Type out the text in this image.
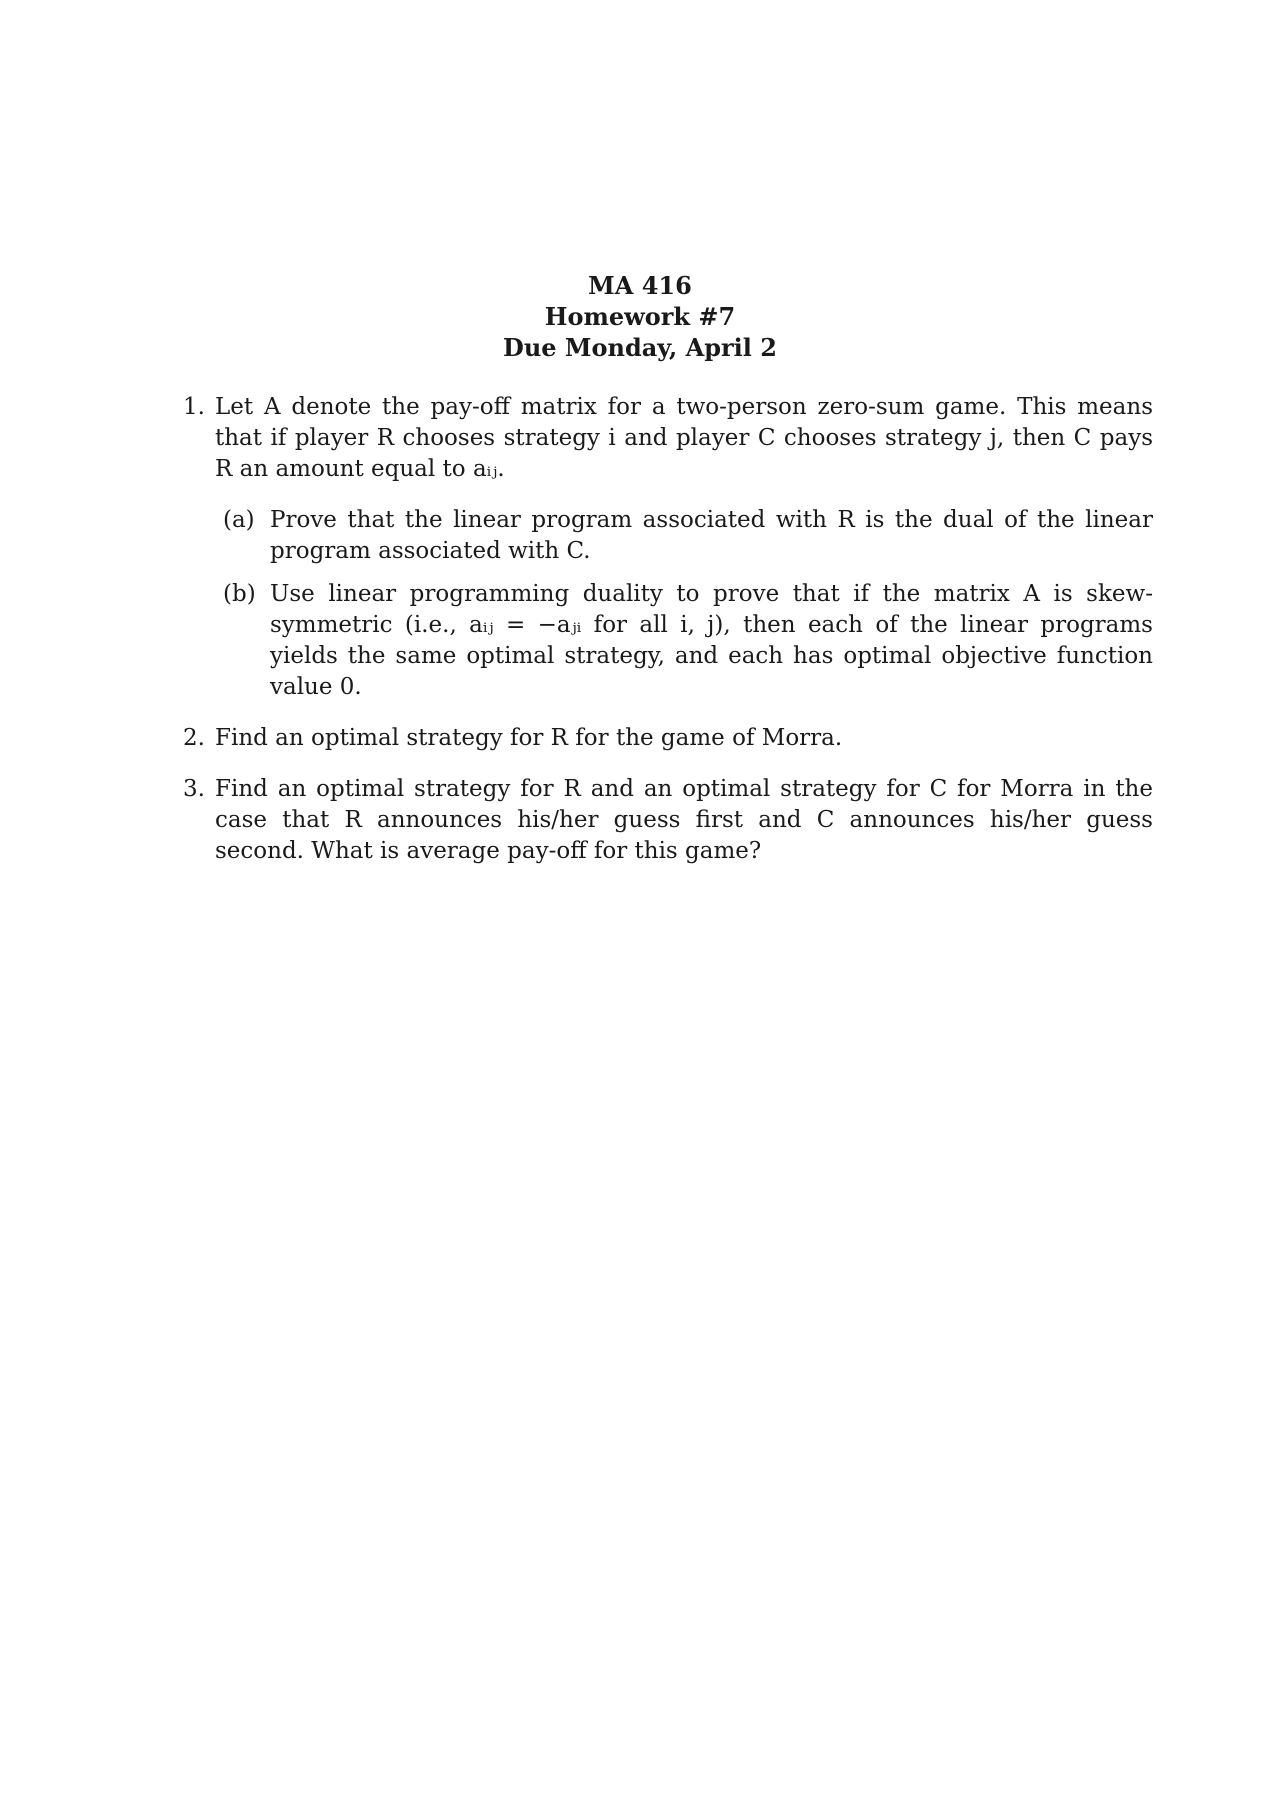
MA 416
Homework #7
Due Monday, April 2
1. Let A denote the pay-off matrix for a two-person zero-sum game. This means that if player R chooses strategy i and player C chooses strategy j, then C pays R an amount equal to aᵢⱼ.
(a) Prove that the linear program associated with R is the dual of the linear program associated with C.
(b) Use linear programming duality to prove that if the matrix A is skew-symmetric (i.e., aᵢⱼ = −aⱼᵢ for all i, j), then each of the linear programs yields the same optimal strategy, and each has optimal objective function value 0.
2. Find an optimal strategy for R for the game of Morra.
3. Find an optimal strategy for R and an optimal strategy for C for Morra in the case that R announces his/her guess first and C announces his/her guess second. What is average pay-off for this game?
